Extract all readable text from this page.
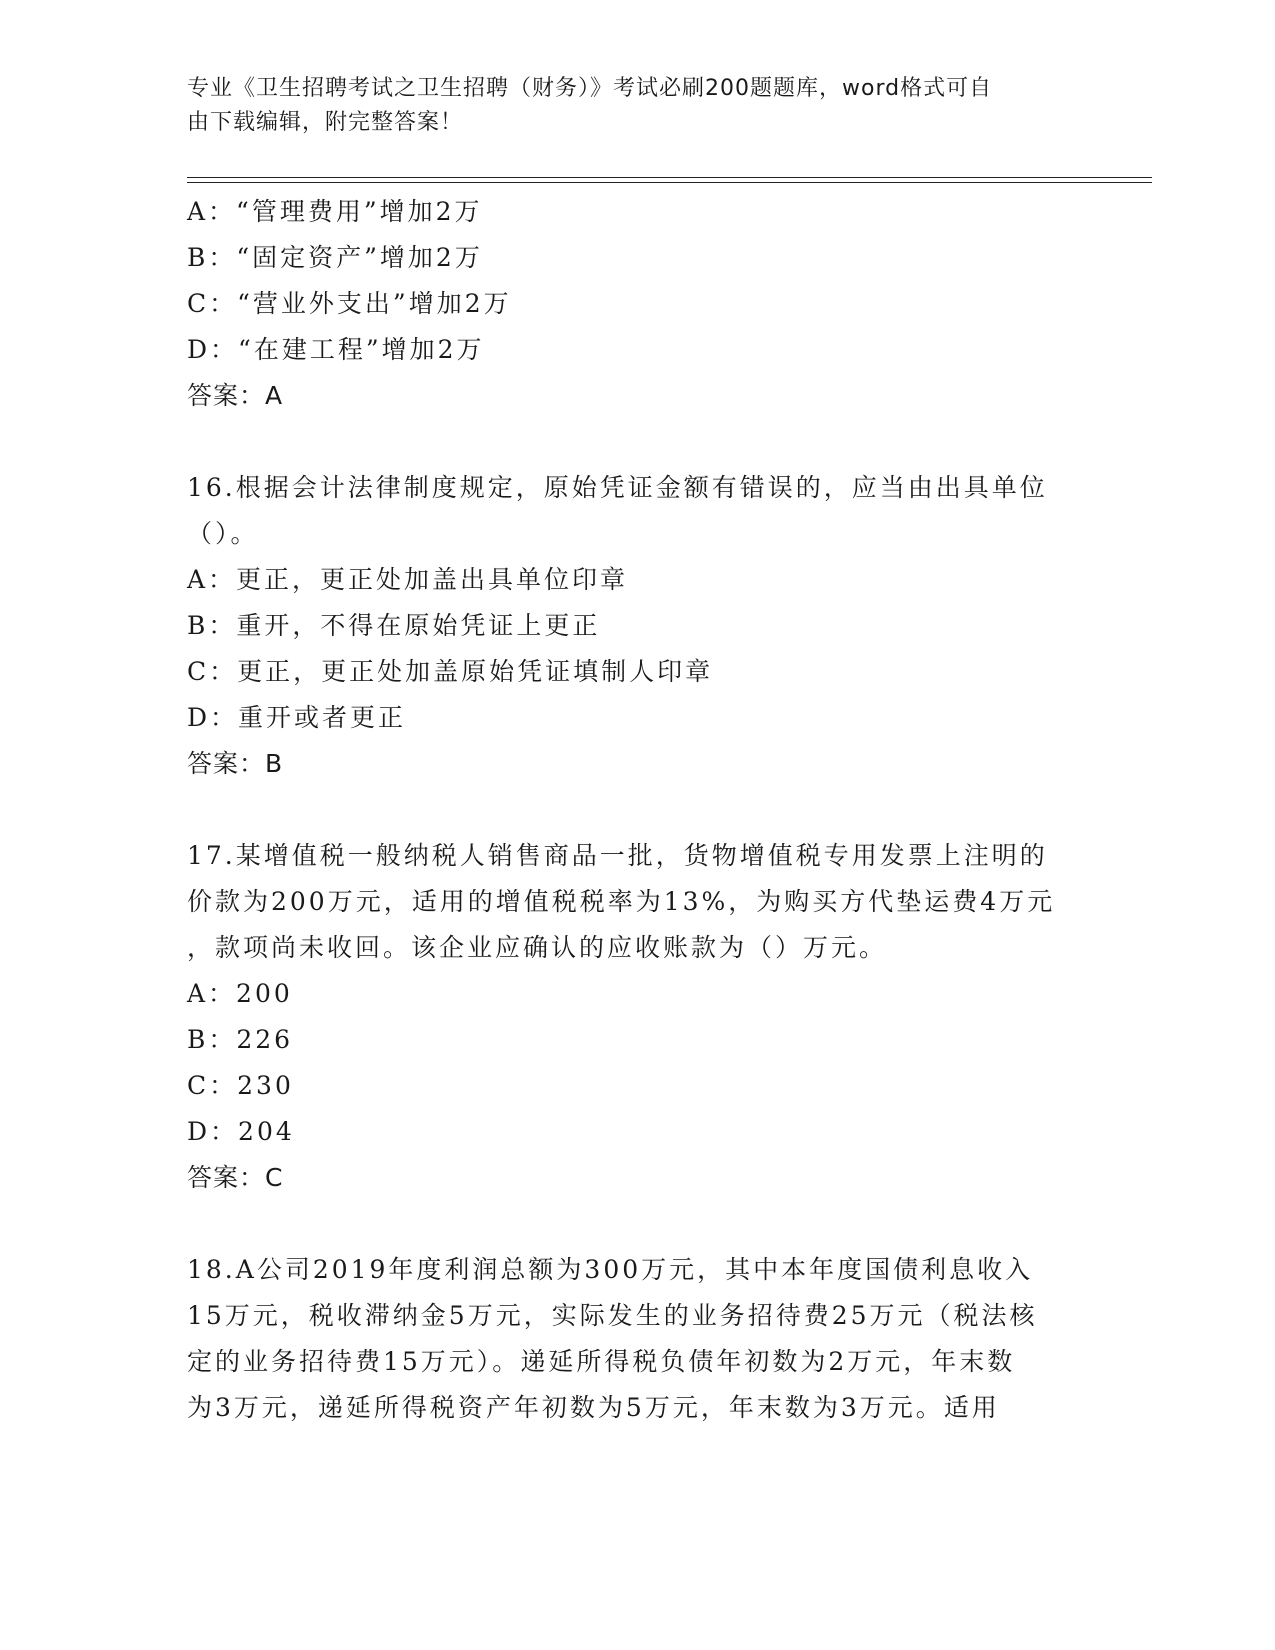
专业《卫生招聘考试之卫生招聘（财务）》考试必刷200题题库，word格式可自
由下载编辑，附完整答案！
A：“管理费用”增加2万
B：“固定资产”增加2万
C：“营业外支出”增加2万
D：“在建工程”增加2万
答案：A
16.根据会计法律制度规定，原始凭证金额有错误的，应当由出具单位
（）。
A：更正，更正处加盖出具单位印章
B：重开，不得在原始凭证上更正
C：更正，更正处加盖原始凭证填制人印章
D：重开或者更正
答案：B
17.某增值税一般纳税人销售商品一批，货物增值税专用发票上注明的
价款为200万元，适用的增值税税率为13%，为购买方代垫运费4万元
，款项尚未收回。该企业应确认的应收账款为（）万元。
A：200
B：226
C：230
D：204
答案：C
18.A公司2019年度利润总额为300万元，其中本年度国债利息收入
15万元，税收滞纳金5万元，实际发生的业务招待费25万元（税法核
定的业务招待费15万元）。递延所得税负债年初数为2万元，年末数
为3万元，递延所得税资产年初数为5万元，年末数为3万元。适用
